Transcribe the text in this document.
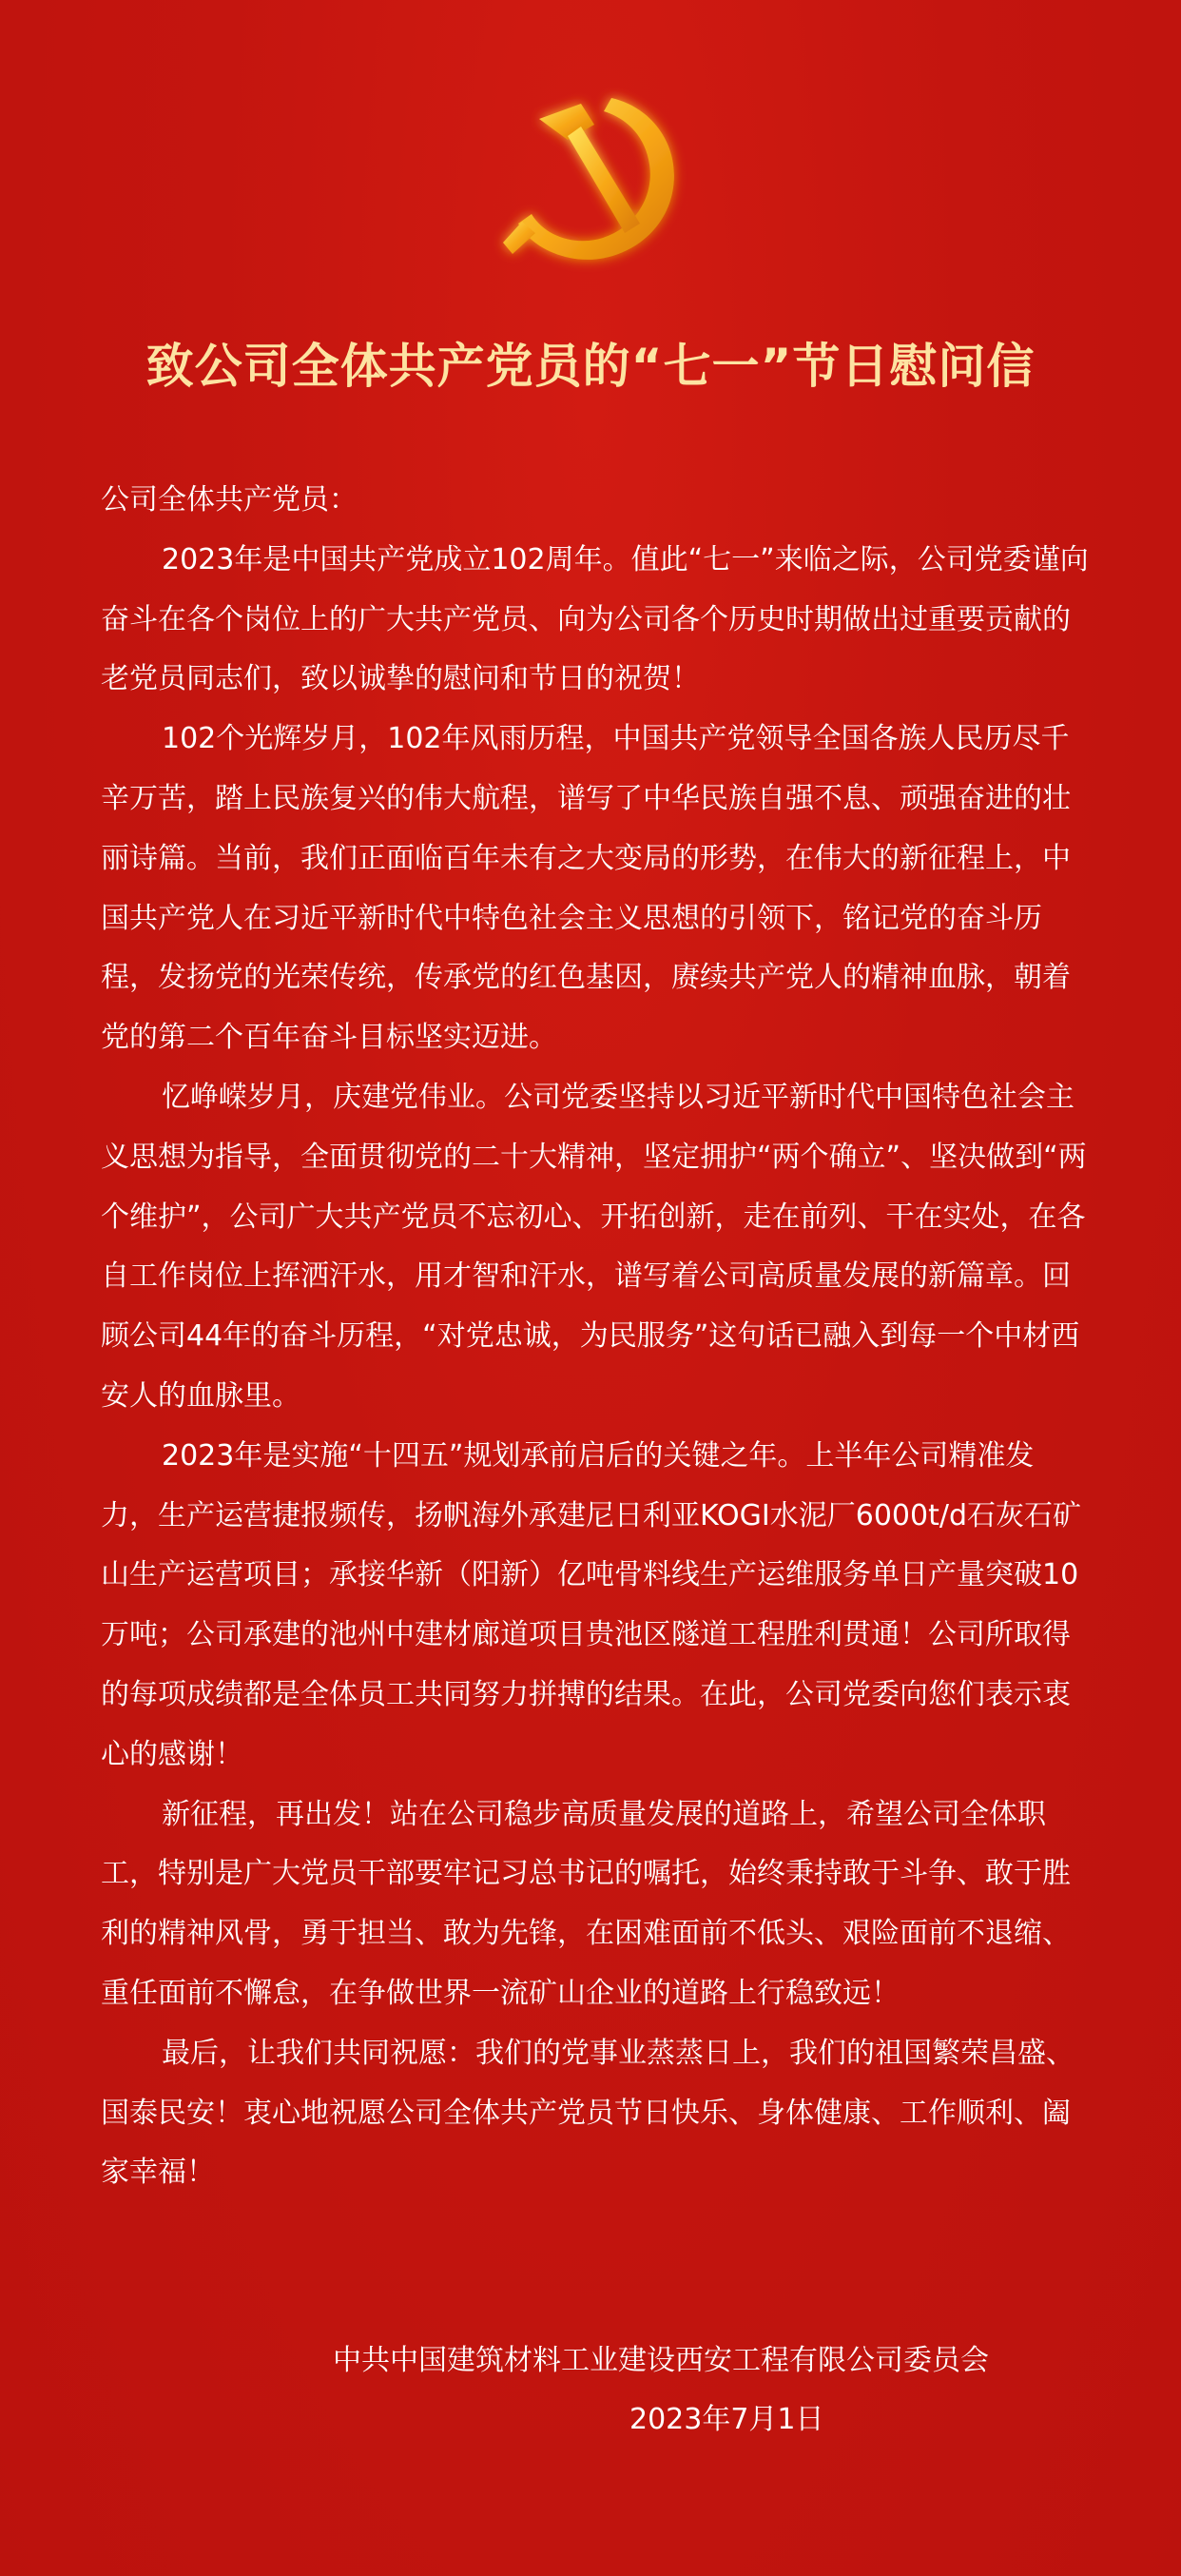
致公司全体共产党员的“七一”节日慰问信

公司全体共产党员：

2023年是中国共产党成立102周年。值此“七一”来临之际，公司党委谨向奋斗在各个岗位上的广大共产党员、向为公司各个历史时期做出过重要贡献的老党员同志们，致以诚挚的慰问和节日的祝贺！

102个光辉岁月，102年风雨历程，中国共产党领导全国各族人民历尽千辛万苦，踏上民族复兴的伟大航程，谱写了中华民族自强不息、顽强奋进的壮丽诗篇。当前，我们正面临百年未有之大变局的形势，在伟大的新征程上，中国共产党人在习近平新时代中特色社会主义思想的引领下，铭记党的奋斗历程，发扬党的光荣传统，传承党的红色基因，赓续共产党人的精神血脉，朝着党的第二个百年奋斗目标坚实迈进。

忆峥嵘岁月，庆建党伟业。公司党委坚持以习近平新时代中国特色社会主义思想为指导，全面贯彻党的二十大精神，坚定拥护“两个确立”、坚决做到“两个维护”，公司广大共产党员不忘初心、开拓创新，走在前列、干在实处，在各自工作岗位上挥洒汗水，用才智和汗水，谱写着公司高质量发展的新篇章。回顾公司44年的奋斗历程，“对党忠诚，为民服务”这句话已融入到每一个中材西安人的血脉里。

2023年是实施“十四五”规划承前启后的关键之年。上半年公司精准发力，生产运营捷报频传，扬帆海外承建尼日利亚KOGI水泥厂6000t/d石灰石矿山生产运营项目；承接华新（阳新）亿吨骨料线生产运维服务单日产量突破10万吨；公司承建的池州中建材廊道项目贵池区隧道工程胜利贯通！公司所取得的每项成绩都是全体员工共同努力拼搏的结果。在此，公司党委向您们表示衷心的感谢！

新征程，再出发！站在公司稳步高质量发展的道路上，希望公司全体职工，特别是广大党员干部要牢记习总书记的嘱托，始终秉持敢于斗争、敢于胜利的精神风骨，勇于担当、敢为先锋，在困难面前不低头、艰险面前不退缩、重任面前不懈怠，在争做世界一流矿山企业的道路上行稳致远！

最后，让我们共同祝愿：我们的党事业蒸蒸日上，我们的祖国繁荣昌盛、国泰民安！衷心地祝愿公司全体共产党员节日快乐、身体健康、工作顺利、阖家幸福！

中共中国建筑材料工业建设西安工程有限公司委员会
2023年7月1日
